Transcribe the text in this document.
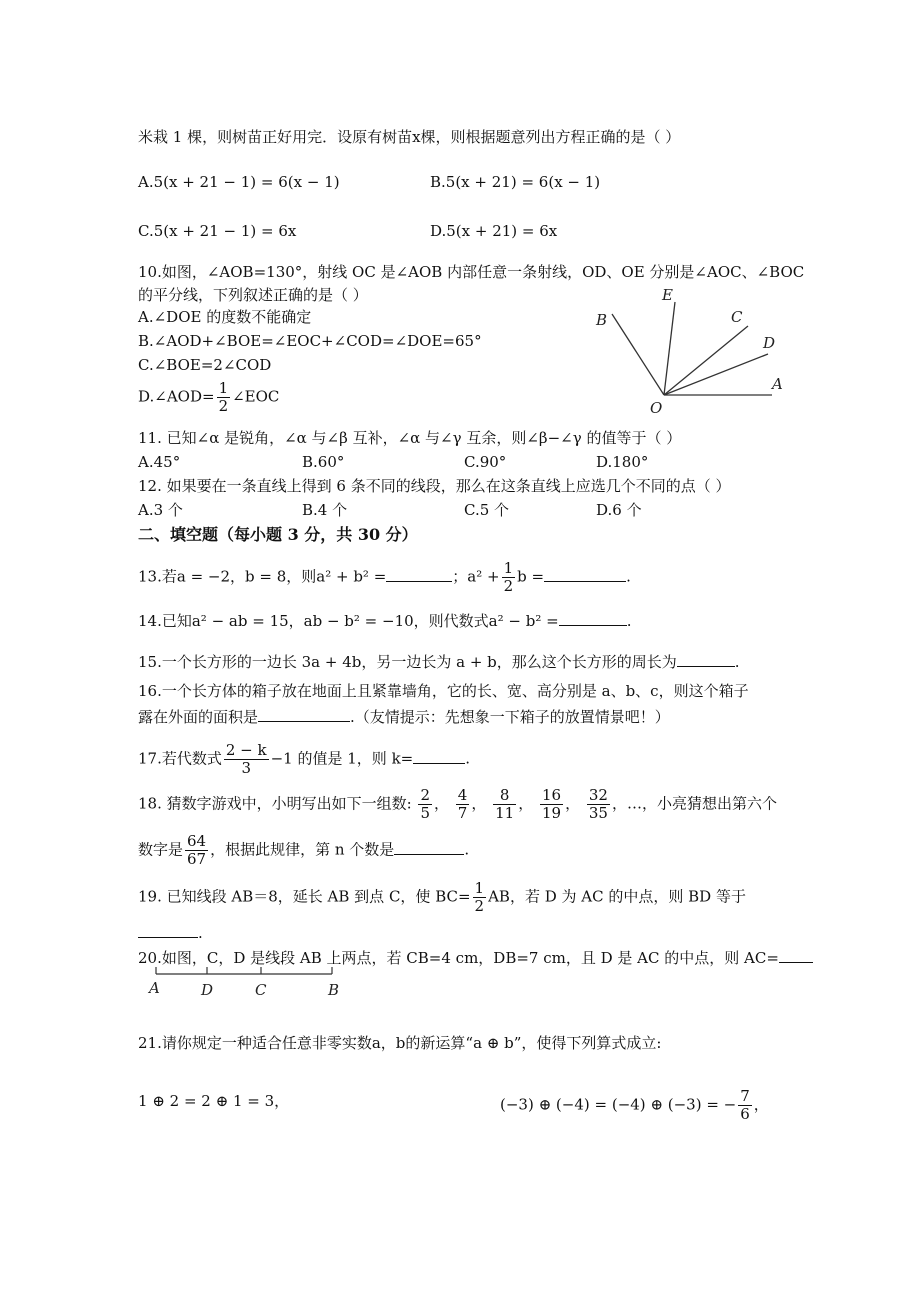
米栽 1 棵，则树苗正好用完．设原有树苗x棵，则根据题意列出方程正确的是（ ）
A.5(x + 21 − 1) = 6(x − 1)	B.5(x + 21) = 6(x − 1)
C.5(x + 21 − 1) = 6x	D.5(x + 21) = 6x
10.如图，∠AOB=130°，射线 OC 是∠AOB 内部任意一条射线，OD、OE 分别是∠AOC、∠BOC
的平分线，下列叙述正确的是（ ）
A.∠DOE 的度数不能确定
B.∠AOD+∠BOE=∠EOC+∠COD=∠DOE=65°
C.∠BOE=2∠COD
D.∠AOD= $\frac{1}{2}$ ∠EOC
E
B	C
D
A
O
11. 已知∠α 是锐角，∠α 与∠β 互补，∠α 与∠γ 互余，则∠β−∠γ 的值等于（ ）
A.45°	B.60°	C.90°	D.180°
12. 如果要在一条直线上得到 6 条不同的线段，那么在这条直线上应选几个不同的点（ ）
A.3 个	B.4 个	C.5 个	D.6 个
二、填空题（每小题 3 分，共 30 分）
13.若a = −2，b = 8，则a² + b² =	；$a^2 + \frac{1}{2}$ b =	.
14.已知a² − ab = 15，ab − b² = −10，则代数式a² − b² =	.
15.一个长方形的一边长 3a + 4b，另一边长为 a + b，那么这个长方形的周长为	.
16.一个长方体的箱子放在地面上且紧靠墙角，它的长、宽、高分别是 a、b、c，则这个箱子
露在外面的面积是	.（友情提示：先想象一下箱子的放置情景吧！）
17.若代数式 $\frac{2 - k}{3} -1$ 的值是 1，则 k=	.
18. 猜数字游戏中，小明写出如下一组数: $\frac{2}{5}$ ， $\frac{4}{7}$ ， $\frac{8}{11}$ ， $\frac{16}{19}$ ， $\frac{32}{35}$ ，…，小亮猜想出第六个
数字是 $\frac{64}{67}$ ，根据此规律，第 n 个数是	.
19. 已知线段 AB＝8，延长 AB 到点 C，使 $BC= \frac{1}{2}$ AB，若 D 为 AC 的中点，则 BD 等于
.
20.如图，C，D 是线段 AB 上两点，若 CB=4 cm，DB=7 cm，且 D 是 AC 的中点，则 AC=
A	D	C	B
21.请你规定一种适合任意非零实数a，b的新运算“a ⊕ b”，使得下列算式成立:
1 ⊕ 2 = 2 ⊕ 1 = 3，	(−3) ⊕ (−4) = (−4) ⊕ (−3) = − $\frac{7}{6}$ ，
